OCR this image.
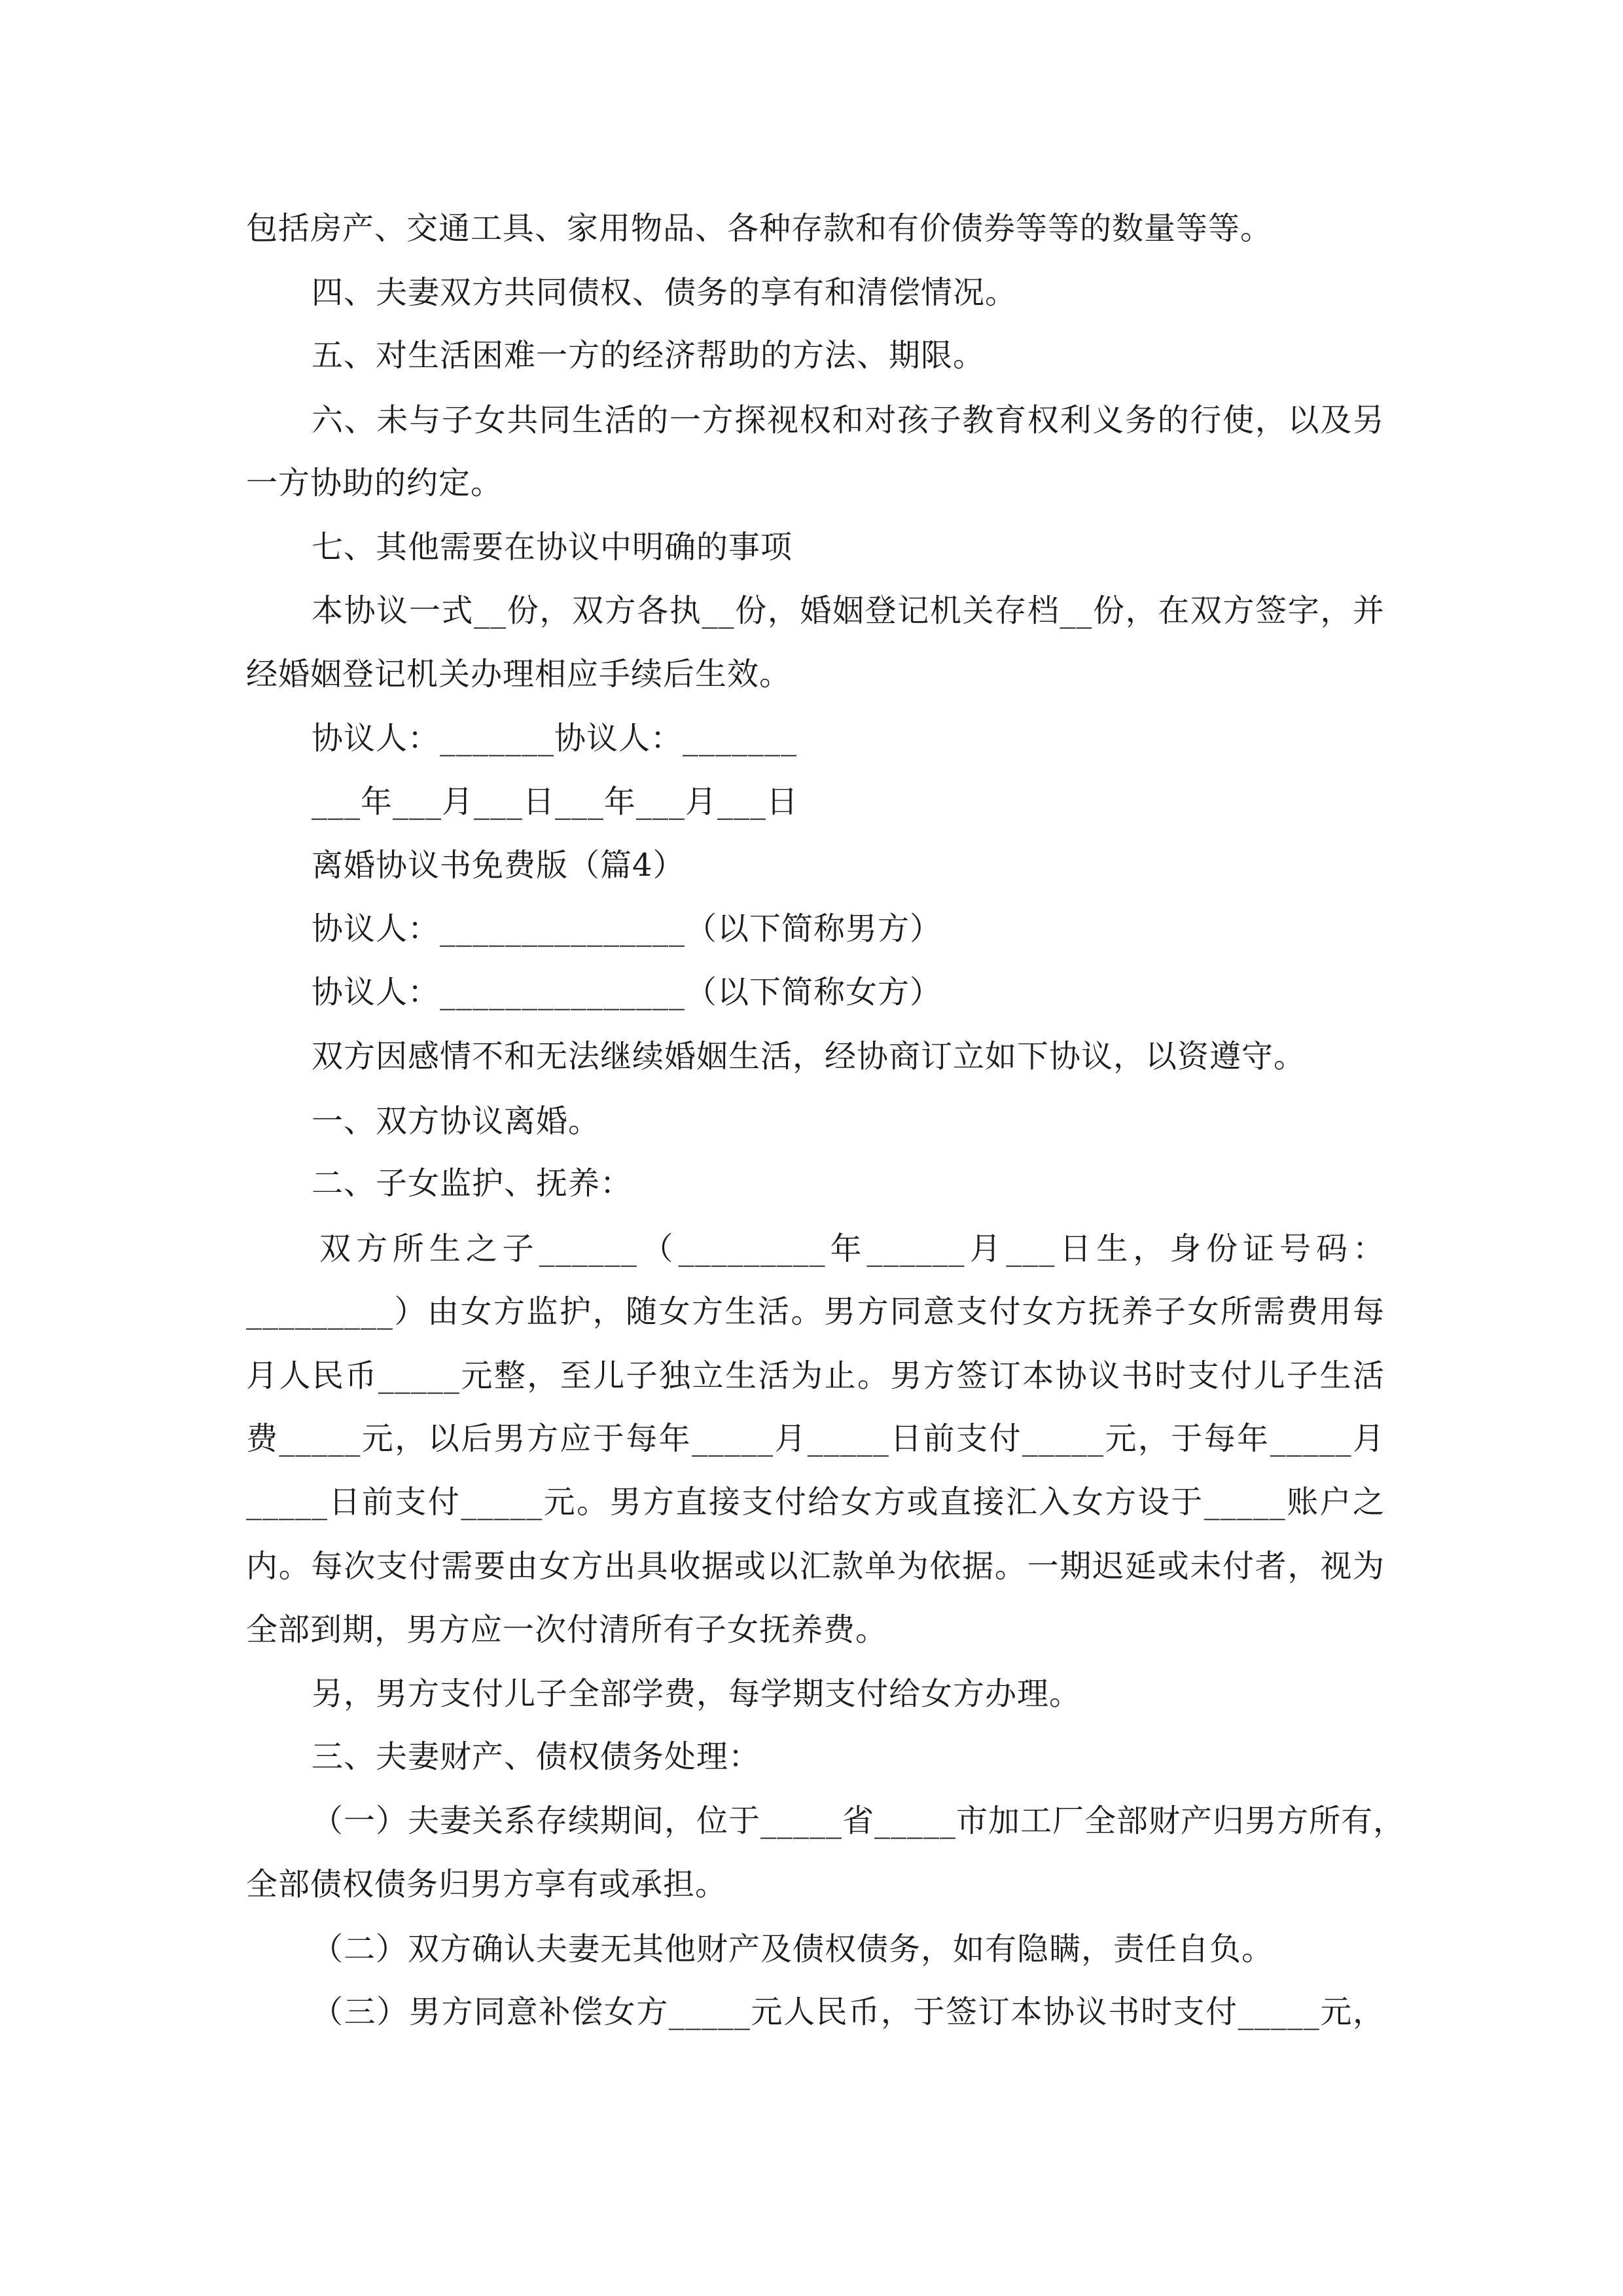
包括房产、交通工具、家用物品、各种存款和有价债券等等的数量等等。
四、夫妻双方共同债权、债务的享有和清偿情况。
五、对生活困难一方的经济帮助的方法、期限。
六、未与子女共同生活的一方探视权和对孩子教育权利义务的行使，以及另
一方协助的约定。
七、其他需要在协议中明确的事项
本协议一式__份，双方各执__份，婚姻登记机关存档__份，在双方签字，并
经婚姻登记机关办理相应手续后生效。
协议人：_______协议人：_______
___年___月___日___年___月___日
离婚协议书免费版（篇4）
协议人：_______________（以下简称男方）
协议人：_______________（以下简称女方）
双方因感情不和无法继续婚姻生活，经协商订立如下协议，以资遵守。
一、双方协议离婚。
二、子女监护、抚养：
双方所生之子______（_________年______月___日生，身份证号码：
_________）由女方监护，随女方生活。男方同意支付女方抚养子女所需费用每
月人民币_____元整，至儿子独立生活为止。男方签订本协议书时支付儿子生活
费_____元，以后男方应于每年_____月_____日前支付_____元，于每年_____月
_____日前支付_____元。男方直接支付给女方或直接汇入女方设于_____账户之
内。每次支付需要由女方出具收据或以汇款单为依据。一期迟延或未付者，视为
全部到期，男方应一次付清所有子女抚养费。
另，男方支付儿子全部学费，每学期支付给女方办理。
三、夫妻财产、债权债务处理：
（一）夫妻关系存续期间，位于_____省_____市加工厂全部财产归男方所有，
全部债权债务归男方享有或承担。
（二）双方确认夫妻无其他财产及债权债务，如有隐瞒，责任自负。
（三）男方同意补偿女方_____元人民币，于签订本协议书时支付_____元，
